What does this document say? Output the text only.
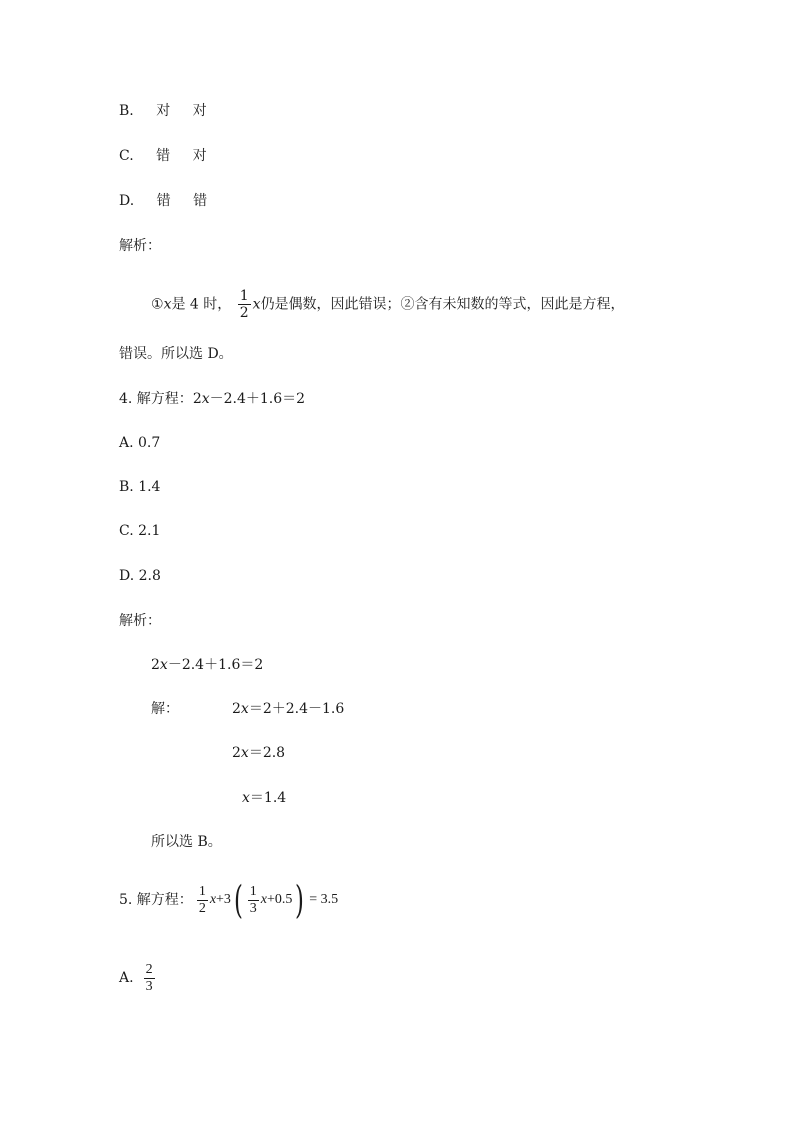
B. 对 对
C. 错 对
D. 错 错
解析：
①x是 4 时， $\frac{1}{2}$ x仍是偶数，因此错误；②含有未知数的等式，因此是方程，
错误。所以选 D。
4. 解方程：2x－2.4＋1.6＝2
A. 0.7
B. 1.4
C. 2.1
D. 2.8
解析：
2x－2.4＋1.6＝2
解：	2x＝2＋2.4－1.6
2x＝2.8
x＝1.4
所以选 B。
5. 解方程： $\frac{1}{2}$ x +3 ( $\frac{1}{3}$ x +0.5 ) = 3.5
A. $\frac{2}{3}$
